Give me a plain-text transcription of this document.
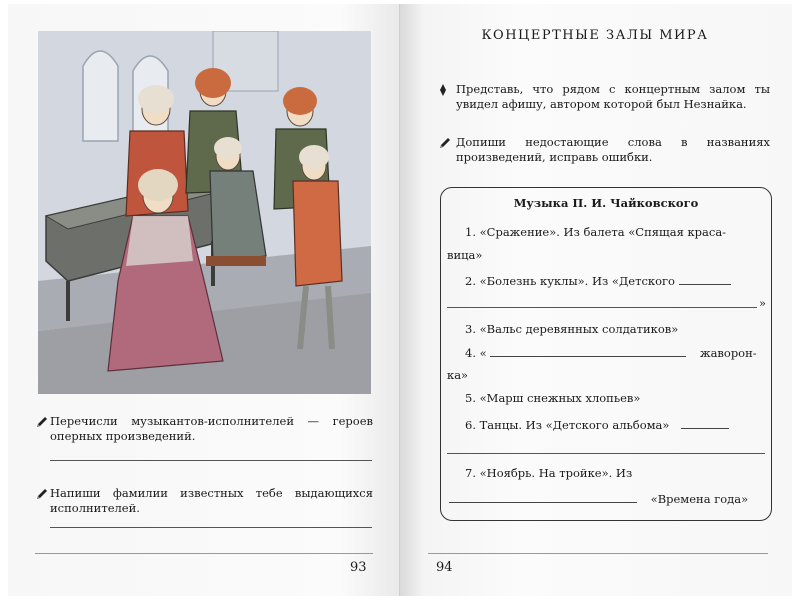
Перечисли музыкантов-исполнителей — героев оперных произведений.
Напиши фамилии известных тебе выдающихся исполнителей.
93
КОНЦЕРТНЫЕ ЗАЛЫ МИРА
Представь, что рядом с концертным залом ты увидел афишу, автором которой был Незнайка.
Допиши недостающие слова в названиях произведений, исправь ошибки.
Музыка П. И. Чайковского
1. «Сражение». Из балета «Спящая краса-
вица»
2. «Болезнь куклы». Из «Детского
»
3. «Вальс деревянных солдатиков»
4. «	жаворон-
ка»
5. «Марш снежных хлопьев»
6. Танцы. Из «Детского альбома»
7. «Ноябрь. На тройке». Из
«Времена года»
94
